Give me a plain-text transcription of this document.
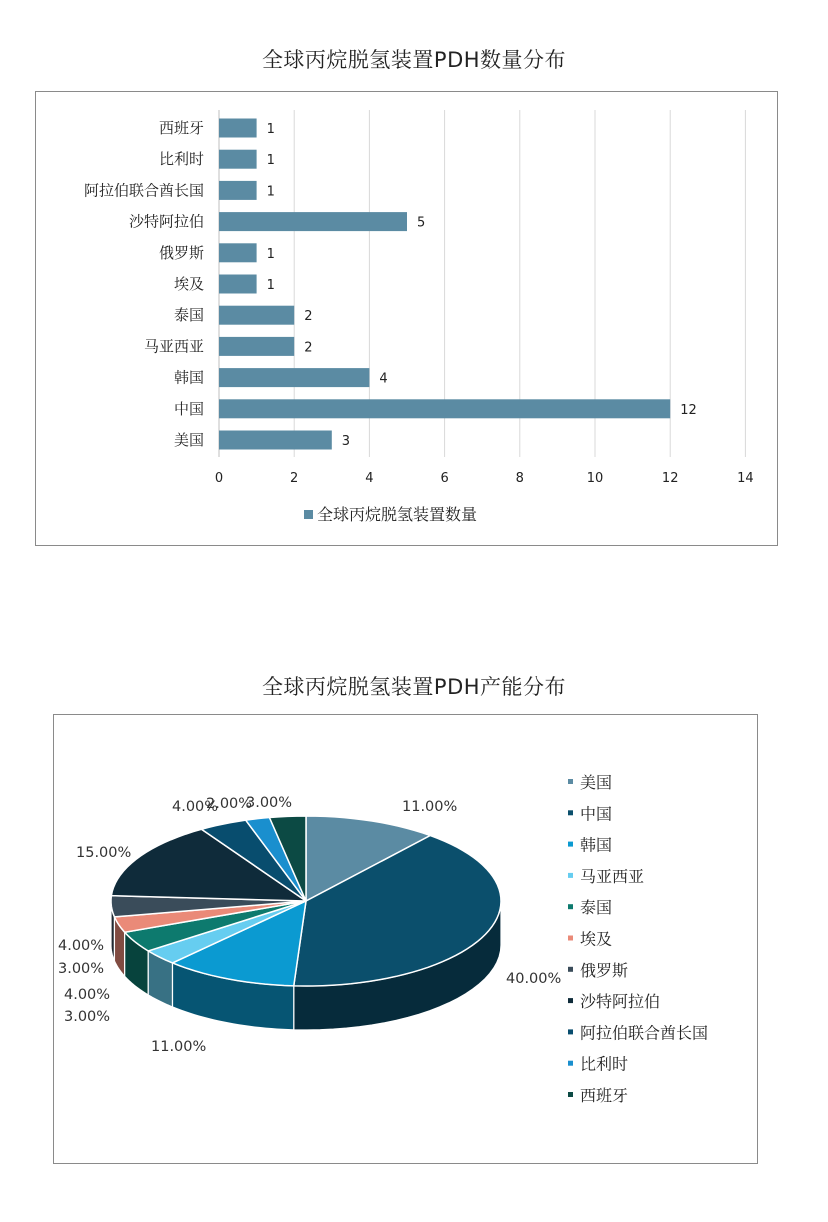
全球丙烷脱氢装置PDH数量分布
西班牙	1
比利时	1
阿拉伯联合酋长国	1
沙特阿拉伯	5
俄罗斯	1
埃及	1
泰国	2
马亚西亚	2
韩国	4
中国	12
美国	3
0	2	4	6	8	10	12	14
全球丙烷脱氢装置数量
全球丙烷脱氢装置PDH产能分布
11.00%
40.00%
11.00%
3.00%
4.00%
3.00%
4.00%
15.00%
4.00%
2.00%
3.00%
美国
中国
韩国
马亚西亚
泰国
埃及
俄罗斯
沙特阿拉伯
阿拉伯联合酋长国
比利时
西班牙
